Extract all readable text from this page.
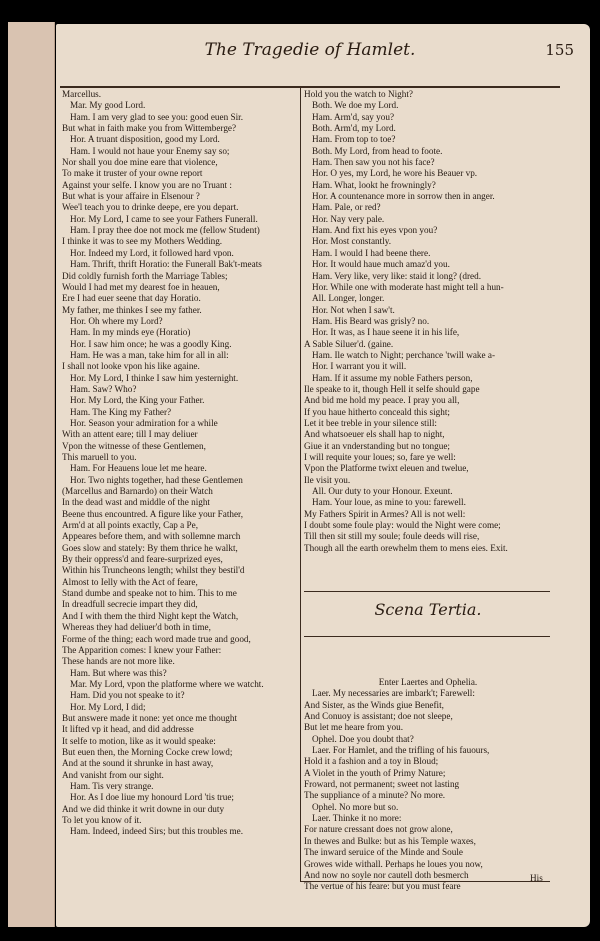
The Tragedie of Hamlet.	155
Marcellus.
Mar. My good Lord.
Ham. I am very glad to see you: good euen Sir.
But what in faith make you from Wittemberge?
Hor. A truant disposition, good my Lord.
Ham. I would not haue your Enemy say so;
Nor shall you doe mine eare that violence,
To make it truster of your owne report
Against your selfe. I know you are no Truant :
But what is your affaire in Elsenour ?
Wee'l teach you to drinke deepe, ere you depart.
Hor. My Lord, I came to see your Fathers Funerall.
Ham. I pray thee doe not mock me (fellow Student)
I thinke it was to see my Mothers Wedding.
Hor. Indeed my Lord, it followed hard vpon.
Ham. Thrift, thrift Horatio: the Funerall Bak't-meats
Did coldly furnish forth the Marriage Tables;
Would I had met my dearest foe in heauen,
Ere I had euer seene that day Horatio.
My father, me thinkes I see my father.
Hor. Oh where my Lord?
Ham. In my minds eye (Horatio)
Hor. I saw him once; he was a goodly King.
Ham. He was a man, take him for all in all:
I shall not looke vpon his like againe.
Hor. My Lord, I thinke I saw him yesternight.
Ham. Saw? Who?
Hor. My Lord, the King your Father.
Ham. The King my Father?
Hor. Season your admiration for a while
With an attent eare; till I may deliuer
Vpon the witnesse of these Gentlemen,
This maruell to you.
Ham. For Heauens loue let me heare.
Hor. Two nights together, had these Gentlemen
(Marcellus and Barnardo) on their Watch
In the dead wast and middle of the night
Beene thus encountred. A figure like your Father,
Arm'd at all points exactly, Cap a Pe,
Appeares before them, and with sollemne march
Goes slow and stately: By them thrice he walkt,
By their oppress'd and feare-surprized eyes,
Within his Truncheons length; whilst they bestil'd
Almost to Ielly with the Act of feare,
Stand dumbe and speake not to him. This to me
In dreadfull secrecie impart they did,
And I with them the third Night kept the Watch,
Whereas they had deliuer'd both in time,
Forme of the thing; each word made true and good,
The Apparition comes: I knew your Father:
These hands are not more like.
Ham. But where was this?
Mar. My Lord, vpon the platforme where we watcht.
Ham. Did you not speake to it?
Hor. My Lord, I did;
But answere made it none: yet once me thought
It lifted vp it head, and did addresse
It selfe to motion, like as it would speake:
But euen then, the Morning Cocke crew lowd;
And at the sound it shrunke in hast away,
And vanisht from our sight.
Ham. Tis very strange.
Hor. As I doe liue my honourd Lord 'tis true;
And we did thinke it writ downe in our duty
To let you know of it.
Ham. Indeed, indeed Sirs; but this troubles me.
Hold you the watch to Night?
Both. We doe my Lord.
Ham. Arm'd, say you?
Both. Arm'd, my Lord.
Ham. From top to toe?
Both. My Lord, from head to foote.
Ham. Then saw you not his face?
Hor. O yes, my Lord, he wore his Beauer vp.
Ham. What, lookt he frowningly?
Hor. A countenance more in sorrow then in anger.
Ham. Pale, or red?
Hor. Nay very pale.
Ham. And fixt his eyes vpon you?
Hor. Most constantly.
Ham. I would I had beene there.
Hor. It would haue much amaz'd you.
Ham. Very like, very like: staid it long? (dred.
Hor. While one with moderate hast might tell a hun-
All. Longer, longer.
Hor. Not when I saw't.
Ham. His Beard was grisly? no.
Hor. It was, as I haue seene it in his life,
A Sable Siluer'd. (gaine.
Ham. Ile watch to Night; perchance 'twill wake a-
Hor. I warrant you it will.
Ham. If it assume my noble Fathers person,
Ile speake to it, though Hell it selfe should gape
And bid me hold my peace. I pray you all,
If you haue hitherto conceald this sight;
Let it bee treble in your silence still:
And whatsoeuer els shall hap to night,
Giue it an vnderstanding but no tongue;
I will requite your loues; so, fare ye well:
Vpon the Platforme twixt eleuen and twelue,
Ile visit you.
All. Our duty to your Honour. Exeunt.
Ham. Your loue, as mine to you: farewell.
My Fathers Spirit in Armes? All is not well:
I doubt some foule play: would the Night were come;
Till then sit still my soule; foule deeds will rise,
Though all the earth orewhelm them to mens eies. Exit.
Scena Tertia.
Enter Laertes and Ophelia.
Laer. My necessaries are imbark't; Farewell:
And Sister, as the Winds giue Benefit,
And Conuoy is assistant; doe not sleepe,
But let me heare from you.
Ophel. Doe you doubt that?
Laer. For Hamlet, and the trifling of his fauours,
Hold it a fashion and a toy in Bloud;
A Violet in the youth of Primy Nature;
Froward, not permanent; sweet not lasting
The suppliance of a minute? No more.
Ophel. No more but so.
Laer. Thinke it no more:
For nature cressant does not grow alone,
In thewes and Bulke: but as his Temple waxes,
The inward seruice of the Minde and Soule
Growes wide withall. Perhaps he loues you now,
And now no soyle nor cautell doth besmerch
The vertue of his feare: but you must feare
His
